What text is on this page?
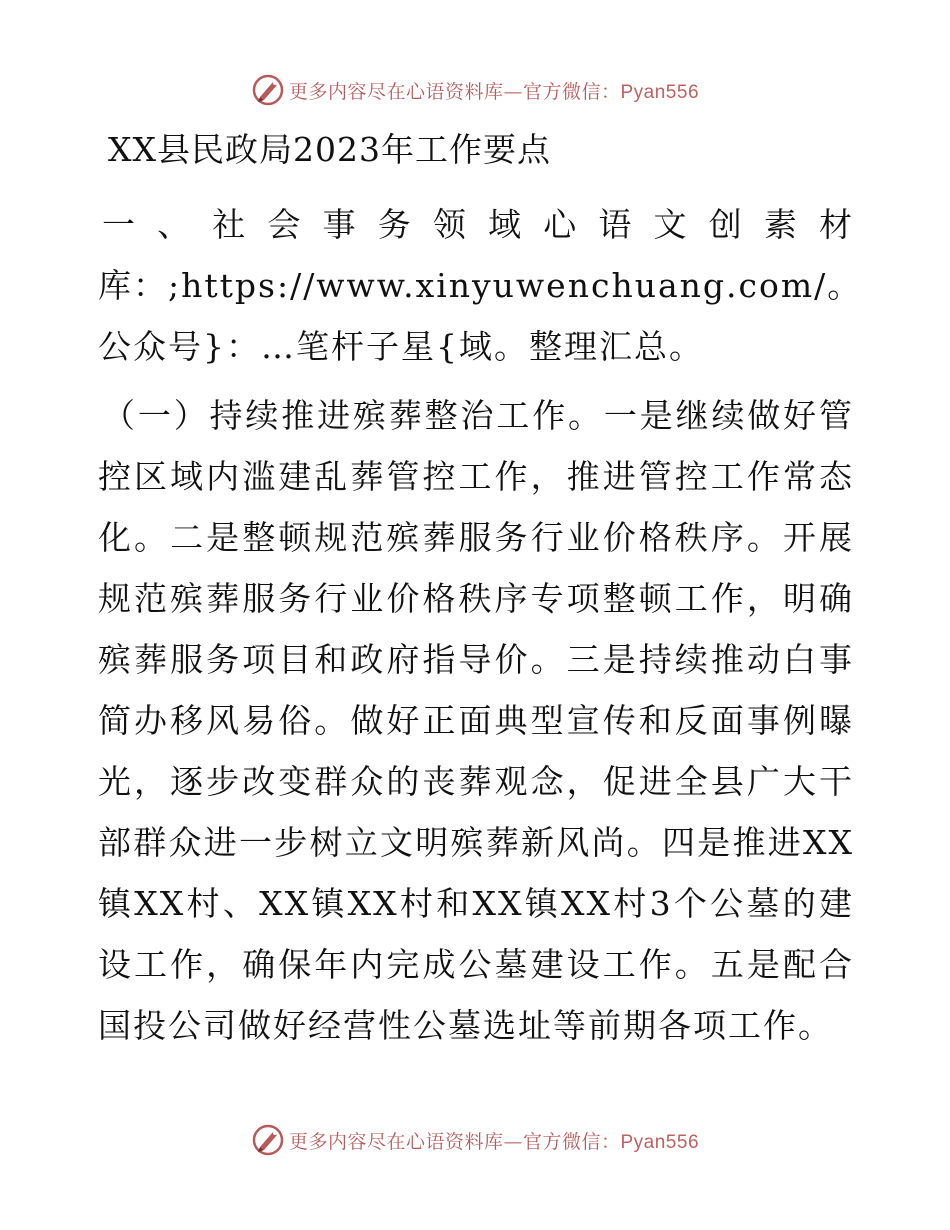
更多内容尽在心语资料库—官方微信：Pyan556
XX县民政局2023年工作要点
一、社会事务领域心语文创素材库：;https://www.xinyuwenchuang.com/。公众号}：…笔杆子星{域。整理汇总。
（一）持续推进殡葬整治工作。一是继续做好管控区域内滥建乱葬管控工作，推进管控工作常态化。二是整顿规范殡葬服务行业价格秩序。开展规范殡葬服务行业价格秩序专项整顿工作，明确殡葬服务项目和政府指导价。三是持续推动白事简办移风易俗。做好正面典型宣传和反面事例曝光，逐步改变群众的丧葬观念，促进全县广大干部群众进一步树立文明殡葬新风尚。四是推进XX镇XX村、XX镇XX村和XX镇XX村3个公墓的建设工作，确保年内完成公墓建设工作。五是配合国投公司做好经营性公墓选址等前期各项工作。
更多内容尽在心语资料库—官方微信：Pyan556
